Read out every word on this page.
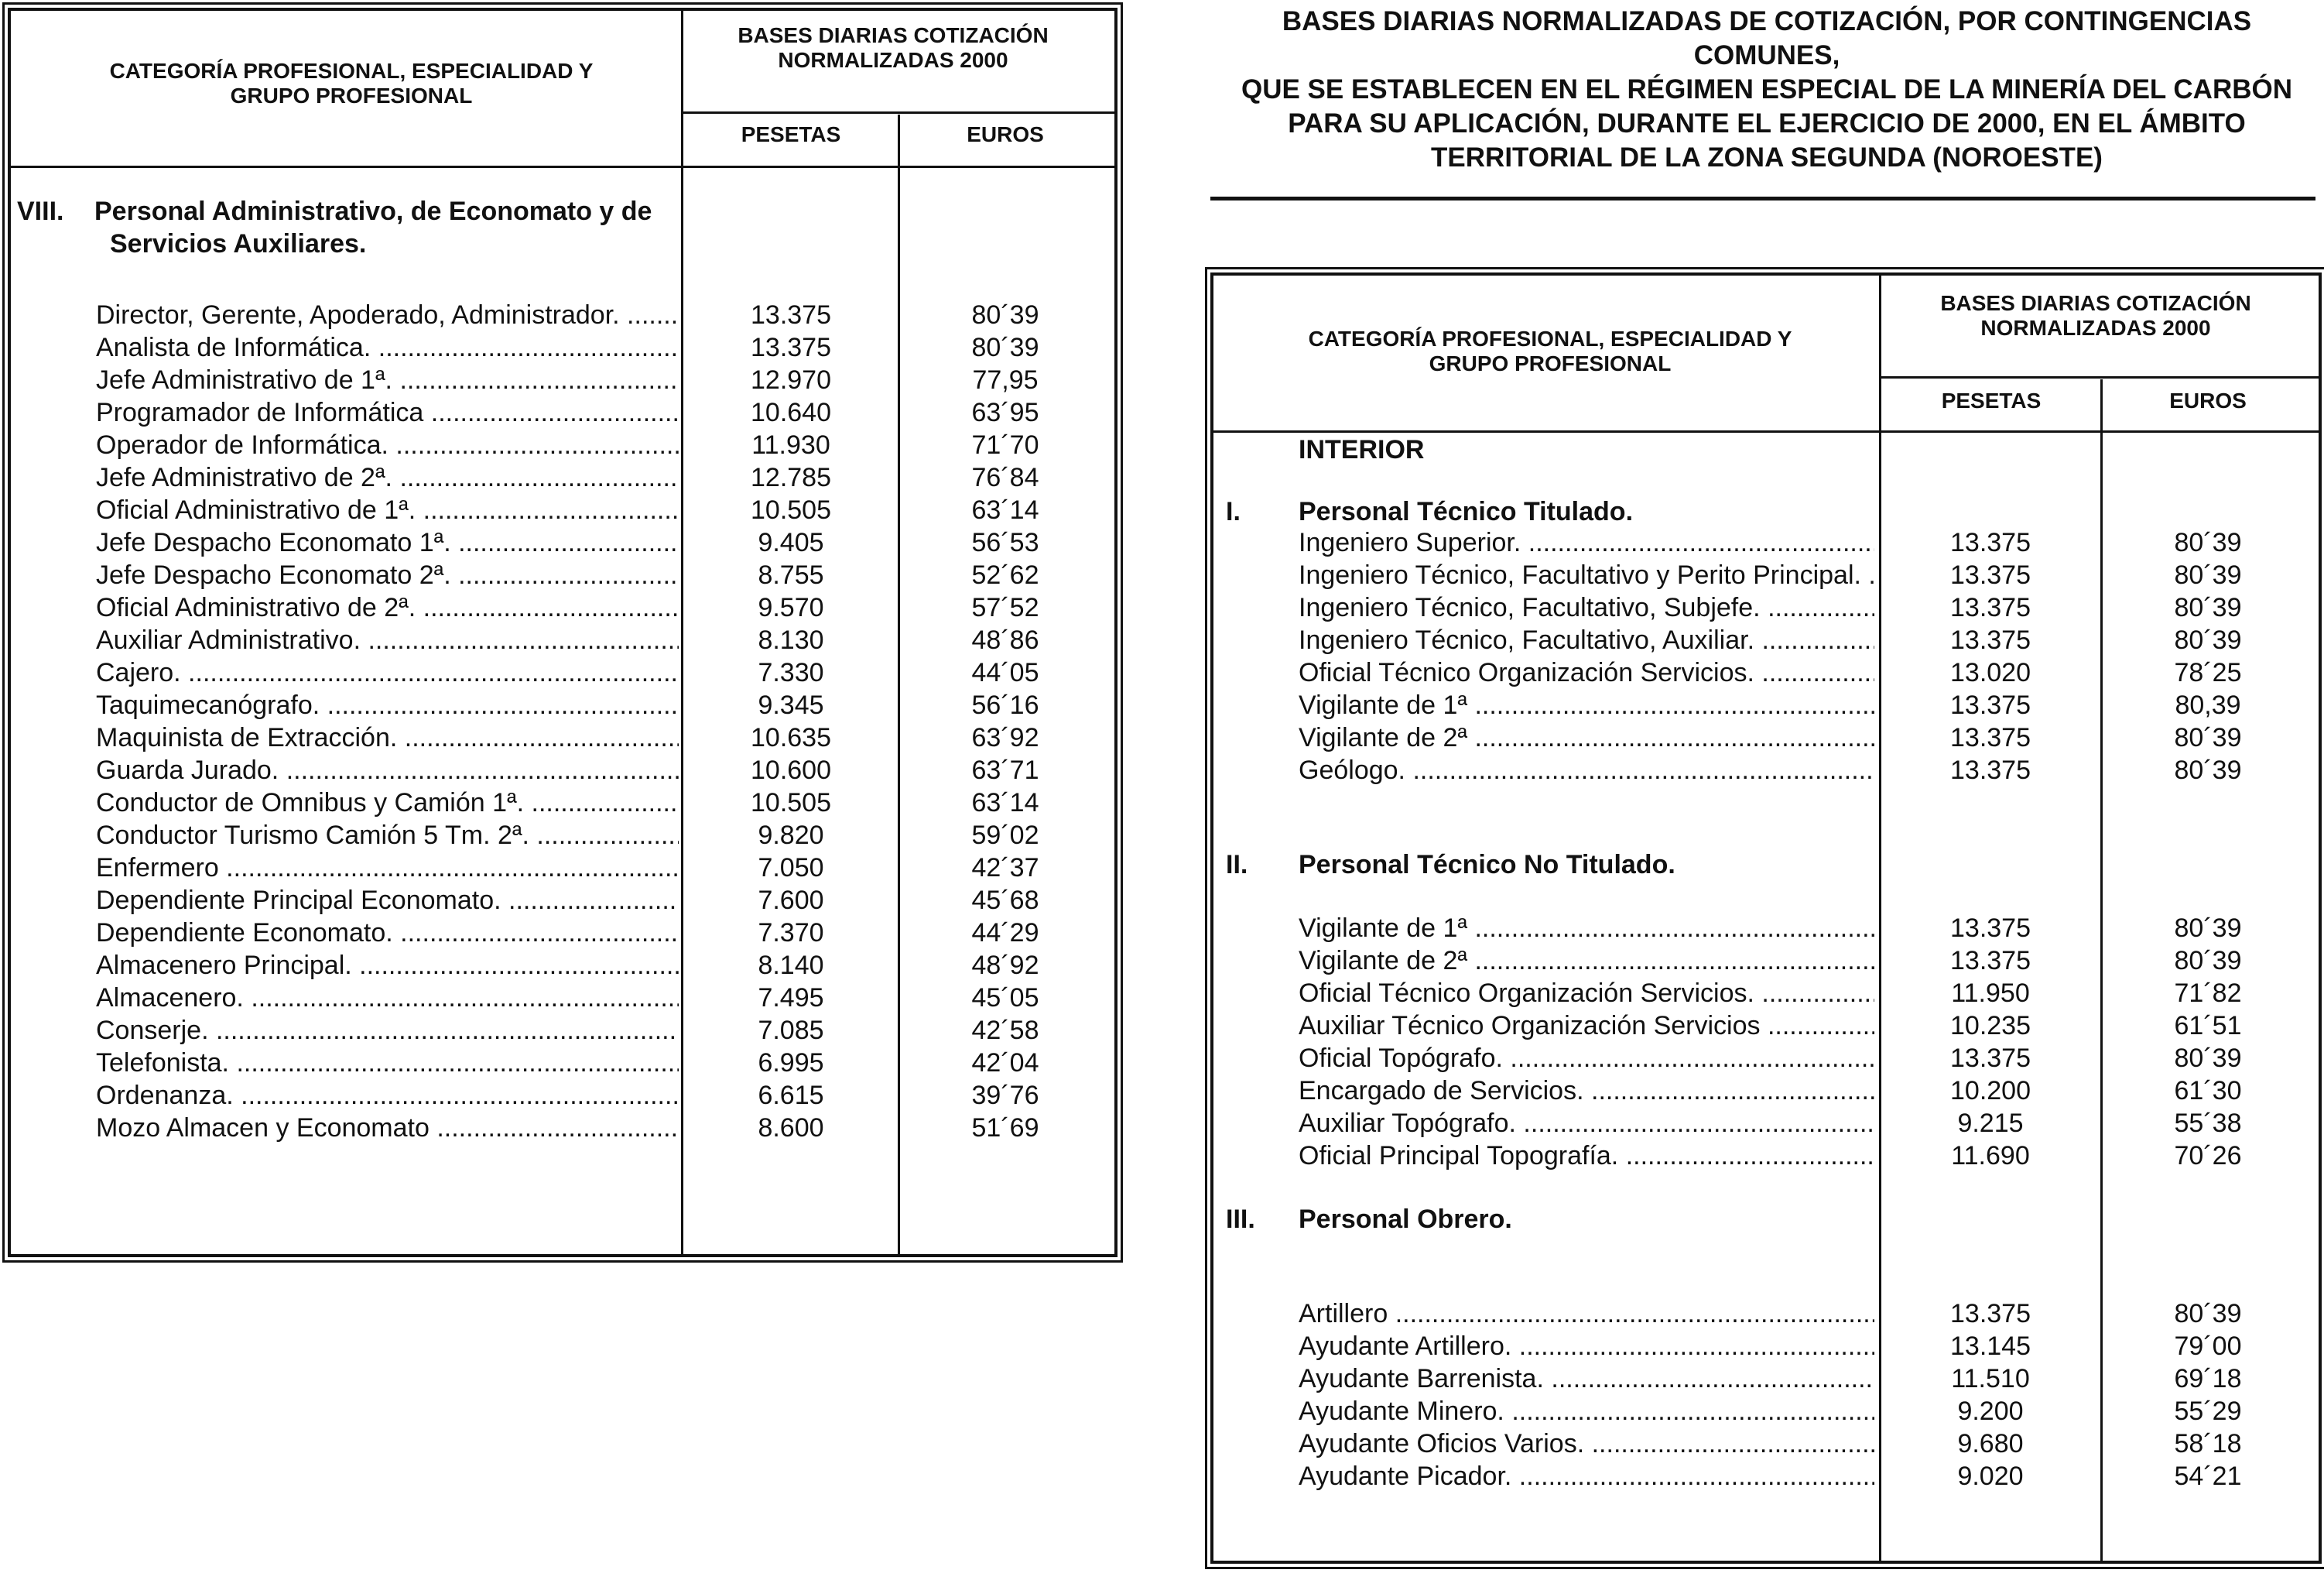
CATEGORÍA PROFESIONAL, ESPECIALIDAD Y GRUPO PROFESIONAL
BASES DIARIAS COTIZACIÓN NORMALIZADAS 2000
PESETAS	EUROS
VIII. Personal Administrativo, de Economato y de
Servicios Auxiliares.
Director, Gerente, Apoderado, Administrador. .....	13.375	80´39
Analista de Informática. .....	13.375	80´39
Jefe Administrativo de 1ª. .....	12.970	77,95
Programador de Informática .....	10.640	63´95
Operador de Informática. .....	11.930	71´70
Jefe Administrativo de 2ª. .....	12.785	76´84
Oficial Administrativo de 1ª. .....	10.505	63´14
Jefe Despacho Economato 1ª. .....	9.405	56´53
Jefe Despacho Economato 2ª. .....	8.755	52´62
Oficial Administrativo de 2ª. .....	9.570	57´52
Auxiliar Administrativo. .....	8.130	48´86
Cajero. .....	7.330	44´05
Taquimecanógrafo. .....	9.345	56´16
Maquinista de Extracción. .....	10.635	63´92
Guarda Jurado. .....	10.600	63´71
Conductor de Omnibus y Camión 1ª. .....	10.505	63´14
Conductor Turismo Camión 5 Tm. 2ª. .....	9.820	59´02
Enfermero .....	7.050	42´37
Dependiente Principal Economato. .....	7.600	45´68
Dependiente Economato. .....	7.370	44´29
Almacenero Principal. .....	8.140	48´92
Almacenero. .....	7.495	45´05
Conserje. .....	7.085	42´58
Telefonista. .....	6.995	42´04
Ordenanza. .....	6.615	39´76
Mozo Almacen y Economato .....	8.600	51´69
BASES DIARIAS NORMALIZADAS DE COTIZACIÓN, POR CONTINGENCIAS COMUNES,
QUE SE ESTABLECEN EN EL RÉGIMEN ESPECIAL DE LA MINERÍA DEL CARBÓN
PARA SU APLICACIÓN, DURANTE EL EJERCICIO DE 2000, EN EL ÁMBITO
TERRITORIAL DE LA ZONA SEGUNDA (NOROESTE)
CATEGORÍA PROFESIONAL, ESPECIALIDAD Y GRUPO PROFESIONAL
BASES DIARIAS COTIZACIÓN NORMALIZADAS 2000
PESETAS	EUROS
INTERIOR
I. Personal Técnico Titulado.
Ingeniero Superior. .....	13.375	80´39
Ingeniero Técnico, Facultativo y Perito Principal. .....	13.375	80´39
Ingeniero Técnico, Facultativo, Subjefe. .....	13.375	80´39
Ingeniero Técnico, Facultativo, Auxiliar. .....	13.375	80´39
Oficial Técnico Organización Servicios. .....	13.020	78´25
Vigilante de 1ª .....	13.375	80,39
Vigilante de 2ª .....	13.375	80´39
Geólogo. .....	13.375	80´39
II. Personal Técnico No Titulado.
Vigilante de 1ª .....	13.375	80´39
Vigilante de 2ª .....	13.375	80´39
Oficial Técnico Organización Servicios. .....	11.950	71´82
Auxiliar Técnico Organización Servicios .....	10.235	61´51
Oficial Topógrafo. .....	13.375	80´39
Encargado de Servicios. .....	10.200	61´30
Auxiliar Topógrafo. .....	9.215	55´38
Oficial Principal Topografía. .....	11.690	70´26
III. Personal Obrero.
Artillero .....	13.375	80´39
Ayudante Artillero. .....	13.145	79´00
Ayudante Barrenista. .....	11.510	69´18
Ayudante Minero. .....	9.200	55´29
Ayudante Oficios Varios. .....	9.680	58´18
Ayudante Picador. .....	9.020	54´21
